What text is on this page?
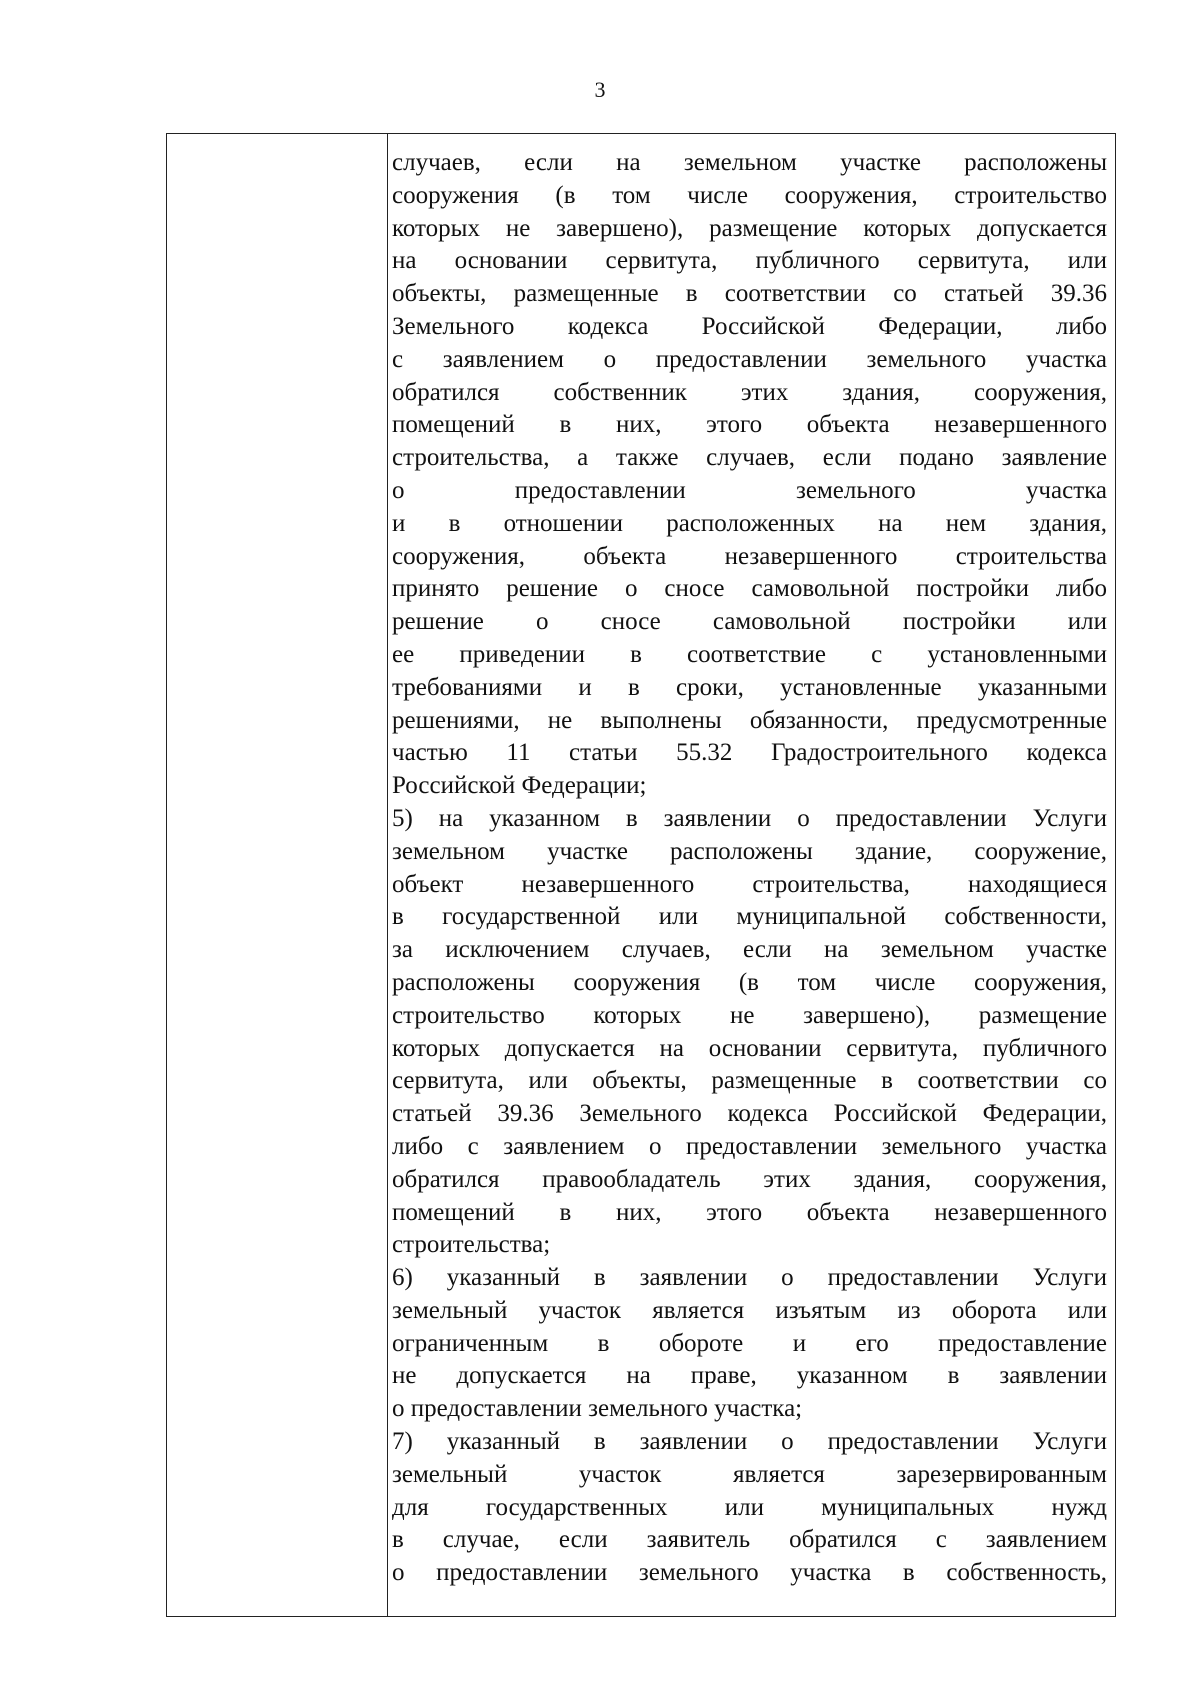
3
случаев, если на земельном участке расположены
сооружения (в том числе сооружения, строительство
которых не завершено), размещение которых допускается
на основании сервитута, публичного сервитута, или
объекты, размещенные в соответствии со статьей 39.36
Земельного кодекса Российской Федерации, либо
с заявлением о предоставлении земельного участка
обратился собственник этих здания, сооружения,
помещений в них, этого объекта незавершенного
строительства, а также случаев, если подано заявление
о предоставлении земельного участка
и в отношении расположенных на нем здания,
сооружения, объекта незавершенного строительства
принято решение о сносе самовольной постройки либо
решение о сносе самовольной постройки или
ее приведении в соответствие с установленными
требованиями и в сроки, установленные указанными
решениями, не выполнены обязанности, предусмотренные
частью 11 статьи 55.32 Градостроительного кодекса
Российской Федерации;
5) на указанном в заявлении о предоставлении Услуги
земельном участке расположены здание, сооружение,
объект незавершенного строительства, находящиеся
в государственной или муниципальной собственности,
за исключением случаев, если на земельном участке
расположены сооружения (в том числе сооружения,
строительство которых не завершено), размещение
которых допускается на основании сервитута, публичного
сервитута, или объекты, размещенные в соответствии со
статьей 39.36 Земельного кодекса Российской Федерации,
либо с заявлением о предоставлении земельного участка
обратился правообладатель этих здания, сооружения,
помещений в них, этого объекта незавершенного
строительства;
6) указанный в заявлении о предоставлении Услуги
земельный участок является изъятым из оборота или
ограниченным в обороте и его предоставление
не допускается на праве, указанном в заявлении
о предоставлении земельного участка;
7) указанный в заявлении о предоставлении Услуги
земельный участок является зарезервированным
для государственных или муниципальных нужд
в случае, если заявитель обратился с заявлением
о предоставлении земельного участка в собственность,
